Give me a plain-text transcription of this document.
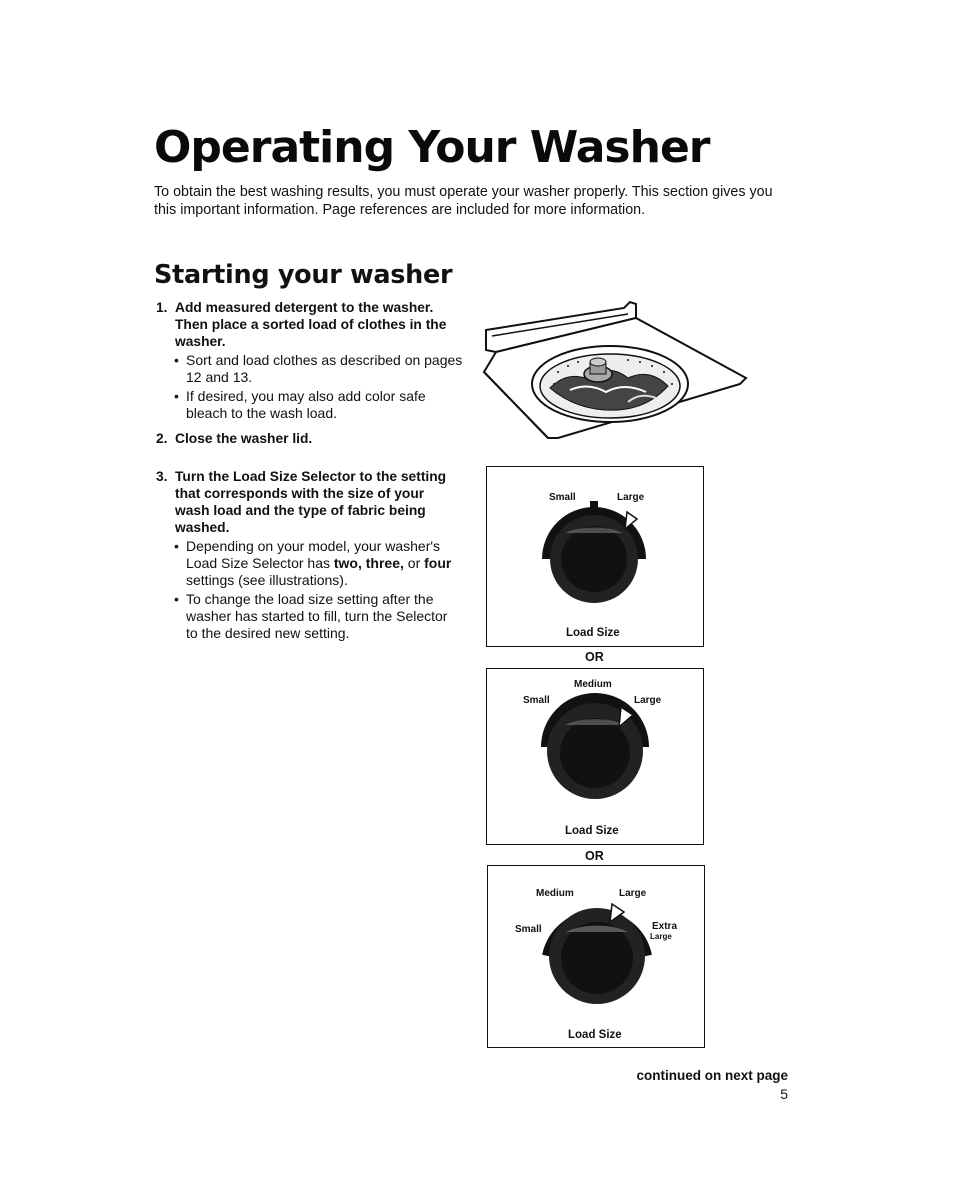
Operating Your Washer

To obtain the best washing results, you must operate your washer properly. This section gives you this important information. Page references are included for more information.

Starting your washer
1. Add measured detergent to the washer. Then place a sorted load of clothes in the washer.
• Sort and load clothes as described on pages 12 and 13.
• If desired, you may also add color safe bleach to the wash load.
2. Close the washer lid.
3. Turn the Load Size Selector to the setting that corresponds with the size of your wash load and the type of fabric being washed.
• Depending on your model, your washer's Load Size Selector has two, three, or four settings (see illustrations).
• To change the load size setting after the washer has started to fill, turn the Selector to the desired new setting.
Small	Large
Load Size
OR
Medium
Small	Large
Load Size
OR
Medium	Large
Small	Extra
Large
Load Size
continued on next page
5
